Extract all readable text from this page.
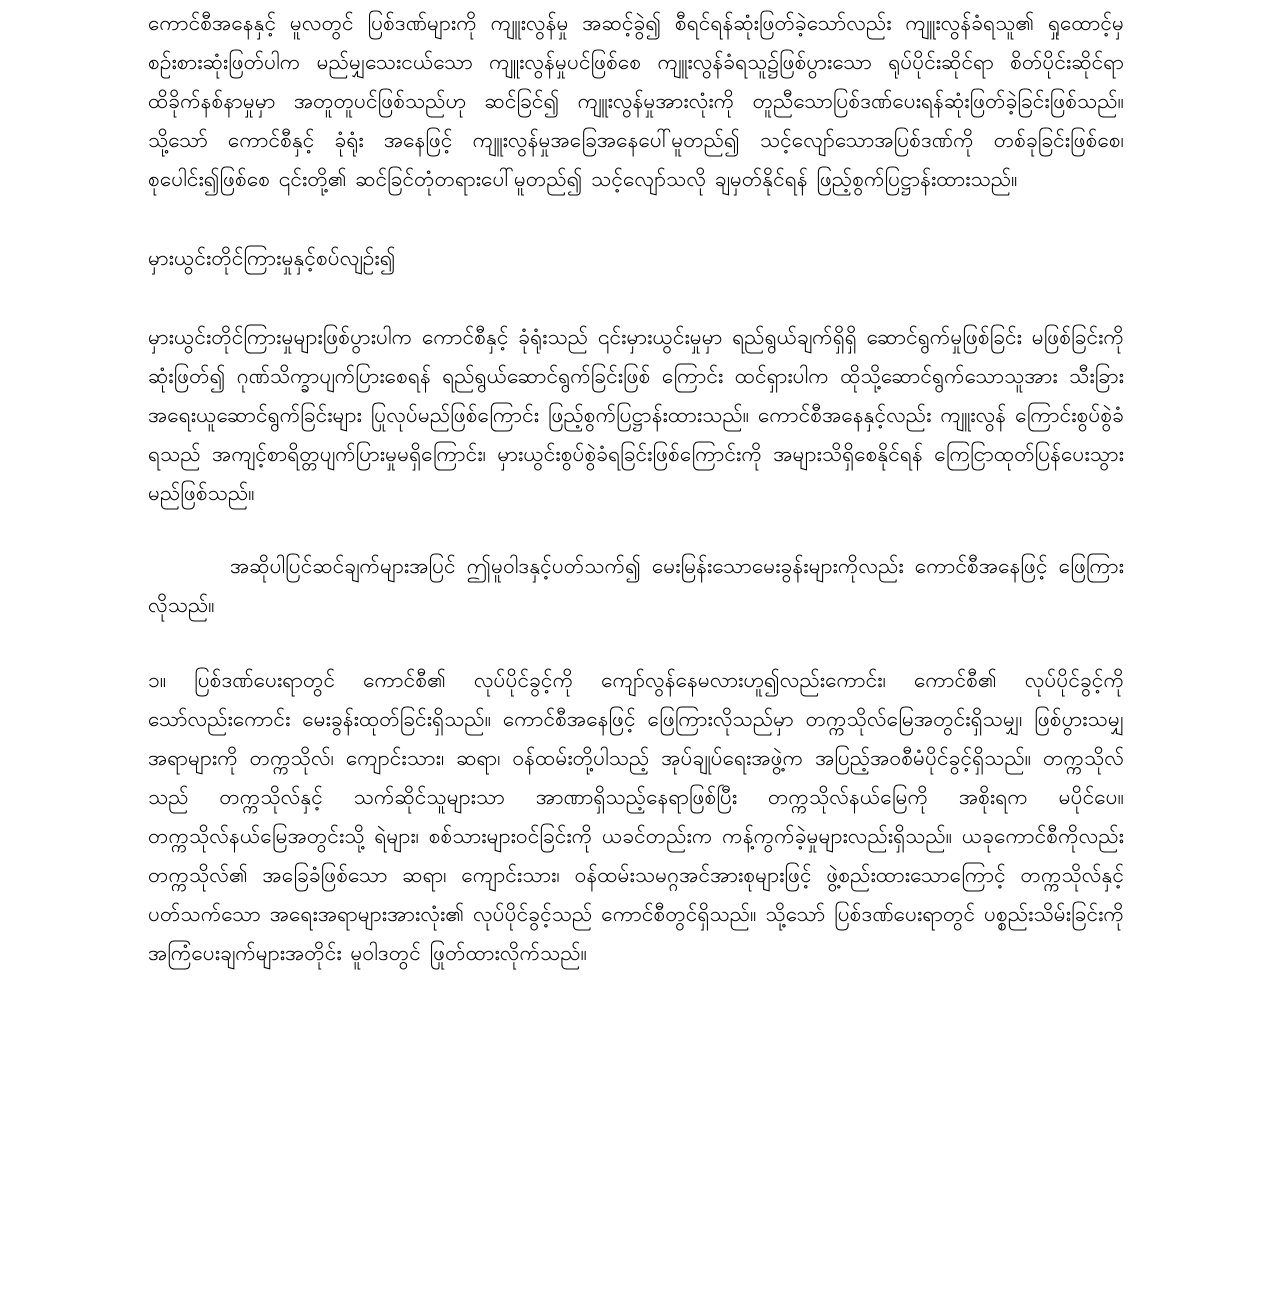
ကောင်စီအနေနှင့် မူလတွင် ပြစ်ဒဏ်များကို ကျူးလွန်မှု အဆင့်ခွဲ၍ စီရင်ရန်ဆုံးဖြတ်ခဲ့သော်လည်း ကျူးလွန်ခံရသူ၏ ရှုထောင့်မှ စဉ်းစားဆုံးဖြတ်ပါက မည်မျှသေးငယ်သော ကျူးလွန်မှုပင်ဖြစ်စေ ကျူးလွန်ခံရသူ၌ဖြစ်ပွားသော ရုပ်ပိုင်းဆိုင်ရာ စိတ်ပိုင်းဆိုင်ရာ ထိခိုက်နစ်နာမှုမှာ အတူတူပင်ဖြစ်သည်ဟု ဆင်ခြင်၍ ကျူးလွန်မှုအားလုံးကို တူညီသောပြစ်ဒဏ်ပေးရန်ဆုံးဖြတ်ခဲ့ခြင်းဖြစ်သည်။ သို့သော် ကောင်စီနှင့် ခုံရုံး အနေဖြင့် ကျူးလွန်မှုအခြေအနေပေါ်မူတည်၍ သင့်လျော်သောအပြစ်ဒဏ်ကို တစ်ခုခြင်းဖြစ်စေ၊ စုပေါင်း၍ဖြစ်စေ ၎င်းတို့၏ ဆင်ခြင်တုံတရားပေါ်မူတည်၍ သင့်လျော်သလို ချမှတ်နိုင်ရန် ဖြည့်စွက်ပြဋ္ဌာန်းထားသည်။

မှားယွင်းတိုင်ကြားမှုနှင့်စပ်လျဉ်း၍

မှားယွင်းတိုင်ကြားမှုများဖြစ်ပွားပါက ကောင်စီနှင့် ခုံရုံးသည် ၎င်းမှားယွင်းမှုမှာ ရည်ရွယ်ချက်ရှိရှိ ဆောင်ရွက်မှုဖြစ်ခြင်း မဖြစ်ခြင်းကို ဆုံးဖြတ်၍ ဂုဏ်သိက္ခာပျက်ပြားစေရန် ရည်ရွယ်ဆောင်ရွက်ခြင်းဖြစ် ကြောင်း ထင်ရှားပါက ထိုသို့ဆောင်ရွက်သောသူအား သီးခြားအရေးယူဆောင်ရွက်ခြင်းများ ပြုလုပ်မည်ဖြစ်ကြောင်း ဖြည့်စွက်ပြဋ္ဌာန်းထားသည်။ ကောင်စီအနေနှင့်လည်း ကျူးလွန် ကြောင်းစွပ်စွဲခံရသည် အကျင့်စာရိတ္တပျက်ပြားမှုမရှိကြောင်း၊ မှားယွင်းစွပ်စွဲခံရခြင်းဖြစ်ကြောင်းကို အများသိရှိစေနိုင်ရန် ကြေငြာထုတ်ပြန်ပေးသွားမည်ဖြစ်သည်။

အဆိုပါပြင်ဆင်ချက်များအပြင် ဤမူဝါဒနှင့်ပတ်သက်၍ မေးမြန်းသောမေးခွန်းများကိုလည်း ကောင်စီအနေဖြင့် ဖြေကြားလိုသည်။

၁။ ပြစ်ဒဏ်ပေးရာတွင် ကောင်စီ၏ လုပ်ပိုင်ခွင့်ကို ကျော်လွန်နေမလားဟူ၍လည်းကောင်း၊ ကောင်စီ၏ လုပ်ပိုင်ခွင့်ကိုသော်လည်းကောင်း မေးခွန်းထုတ်ခြင်းရှိသည်။ ကောင်စီအနေဖြင့် ဖြေကြားလိုသည်မှာ တက္ကသိုလ်မြေအတွင်းရှိသမျှ၊ ဖြစ်ပွားသမျှအရာများကို တက္ကသိုလ်၊ ကျောင်းသား၊ ဆရာ၊ ဝန်ထမ်းတို့ပါသည့် အုပ်ချုပ်ရေးအဖွဲ့က အပြည့်အဝစီမံပိုင်ခွင့်ရှိသည်။ တက္ကသိုလ်သည် တက္ကသိုလ်နှင့် သက်ဆိုင်သူများသာ အာဏာရှိသည့်နေရာဖြစ်ပြီး တက္ကသိုလ်နယ်မြေကို အစိုးရက မပိုင်ပေ။ တက္ကသိုလ်နယ်မြေအတွင်းသို့ ရဲများ၊ စစ်သားများဝင်ခြင်းကို ယခင်တည်းက ကန့်ကွက်ခဲ့မှုများလည်းရှိသည်။ ယခုကောင်စီကိုလည်း တက္ကသိုလ်၏ အခြေခံဖြစ်သော ဆရာ၊ ကျောင်းသား၊ ဝန်ထမ်းသမဂ္ဂအင်အားစုများဖြင့် ဖွဲ့စည်းထားသောကြောင့် တက္ကသိုလ်နှင့် ပတ်သက်သော အရေးအရာများအားလုံး၏ လုပ်ပိုင်ခွင့်သည် ကောင်စီတွင်ရှိသည်။ သို့သော် ပြစ်ဒဏ်ပေးရာတွင် ပစ္စည်းသိမ်းခြင်းကို အကြံပေးချက်များအတိုင်း မူဝါဒတွင် ဖြုတ်ထားလိုက်သည်။
